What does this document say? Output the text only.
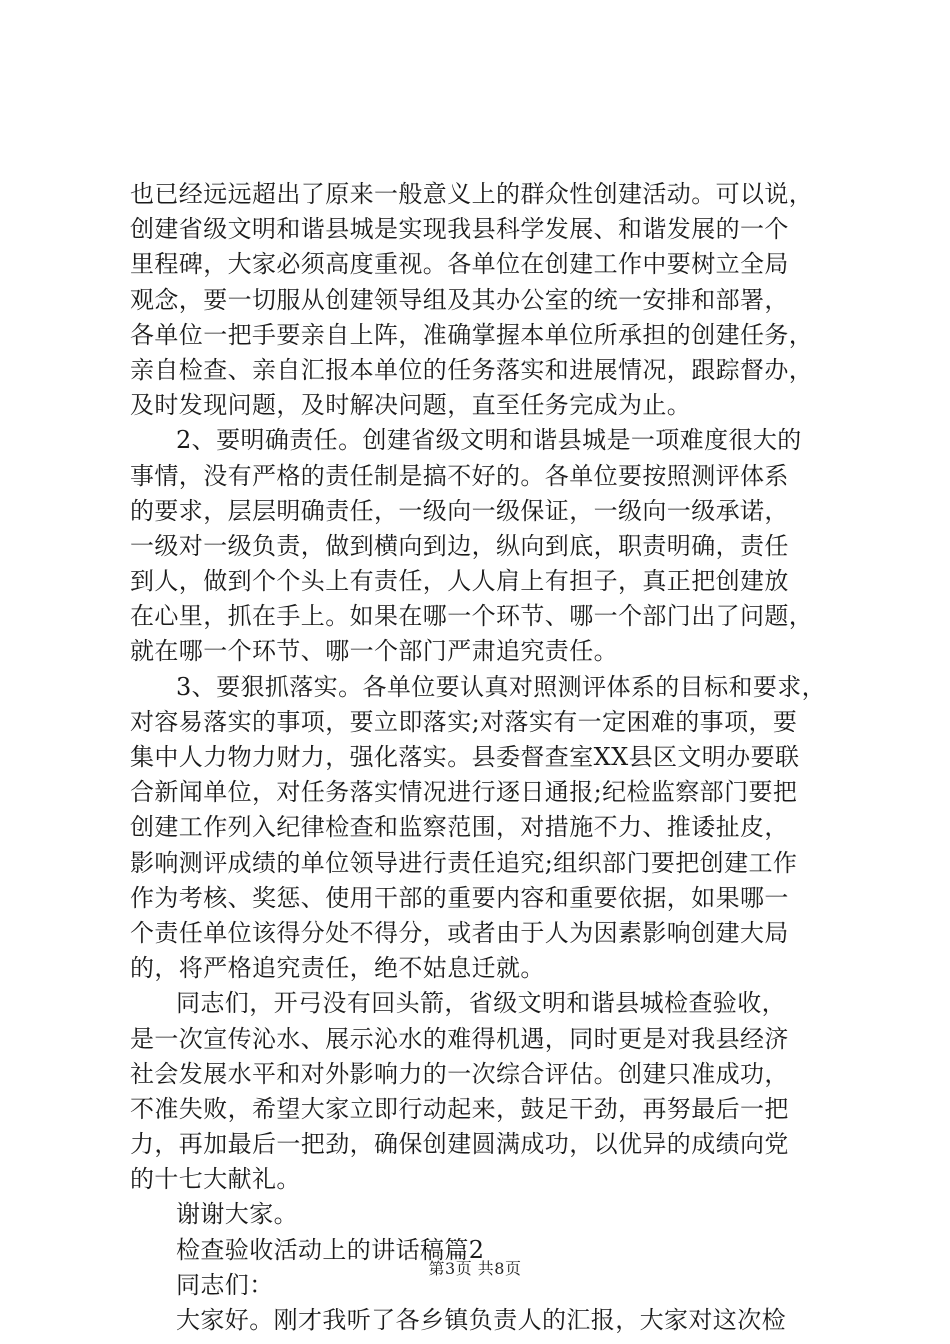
也已经远远超出了原来一般意义上的群众性创建活动。可以说，
创建省级文明和谐县城是实现我县科学发展、和谐发展的一个
里程碑，大家必须高度重视。各单位在创建工作中要树立全局
观念，要一切服从创建领导组及其办公室的统一安排和部署，
各单位一把手要亲自上阵，准确掌握本单位所承担的创建任务，
亲自检查、亲自汇报本单位的任务落实和进展情况，跟踪督办，
及时发现问题，及时解决问题，直至任务完成为止。
2、要明确责任。创建省级文明和谐县城是一项难度很大的
事情，没有严格的责任制是搞不好的。各单位要按照测评体系
的要求，层层明确责任，一级向一级保证，一级向一级承诺，
一级对一级负责，做到横向到边，纵向到底，职责明确，责任
到人，做到个个头上有责任，人人肩上有担子，真正把创建放
在心里，抓在手上。如果在哪一个环节、哪一个部门出了问题，
就在哪一个环节、哪一个部门严肃追究责任。
3、要狠抓落实。各单位要认真对照测评体系的目标和要求，
对容易落实的事项，要立即落实;对落实有一定困难的事项，要
集中人力物力财力，强化落实。县委督查室XX县区文明办要联
合新闻单位，对任务落实情况进行逐日通报;纪检监察部门要把
创建工作列入纪律检查和监察范围，对措施不力、推诿扯皮，
影响测评成绩的单位领导进行责任追究;组织部门要把创建工作
作为考核、奖惩、使用干部的重要内容和重要依据，如果哪一
个责任单位该得分处不得分，或者由于人为因素影响创建大局
的，将严格追究责任，绝不姑息迁就。
同志们，开弓没有回头箭，省级文明和谐县城检查验收，
是一次宣传沁水、展示沁水的难得机遇，同时更是对我县经济
社会发展水平和对外影响力的一次综合评估。创建只准成功，
不准失败，希望大家立即行动起来，鼓足干劲，再努最后一把
力，再加最后一把劲，确保创建圆满成功，以优异的成绩向党
的十七大献礼。
谢谢大家。
检查验收活动上的讲话稿篇2
同志们：
大家好。刚才我听了各乡镇负责人的汇报，大家对这次检
第3页 共8页
